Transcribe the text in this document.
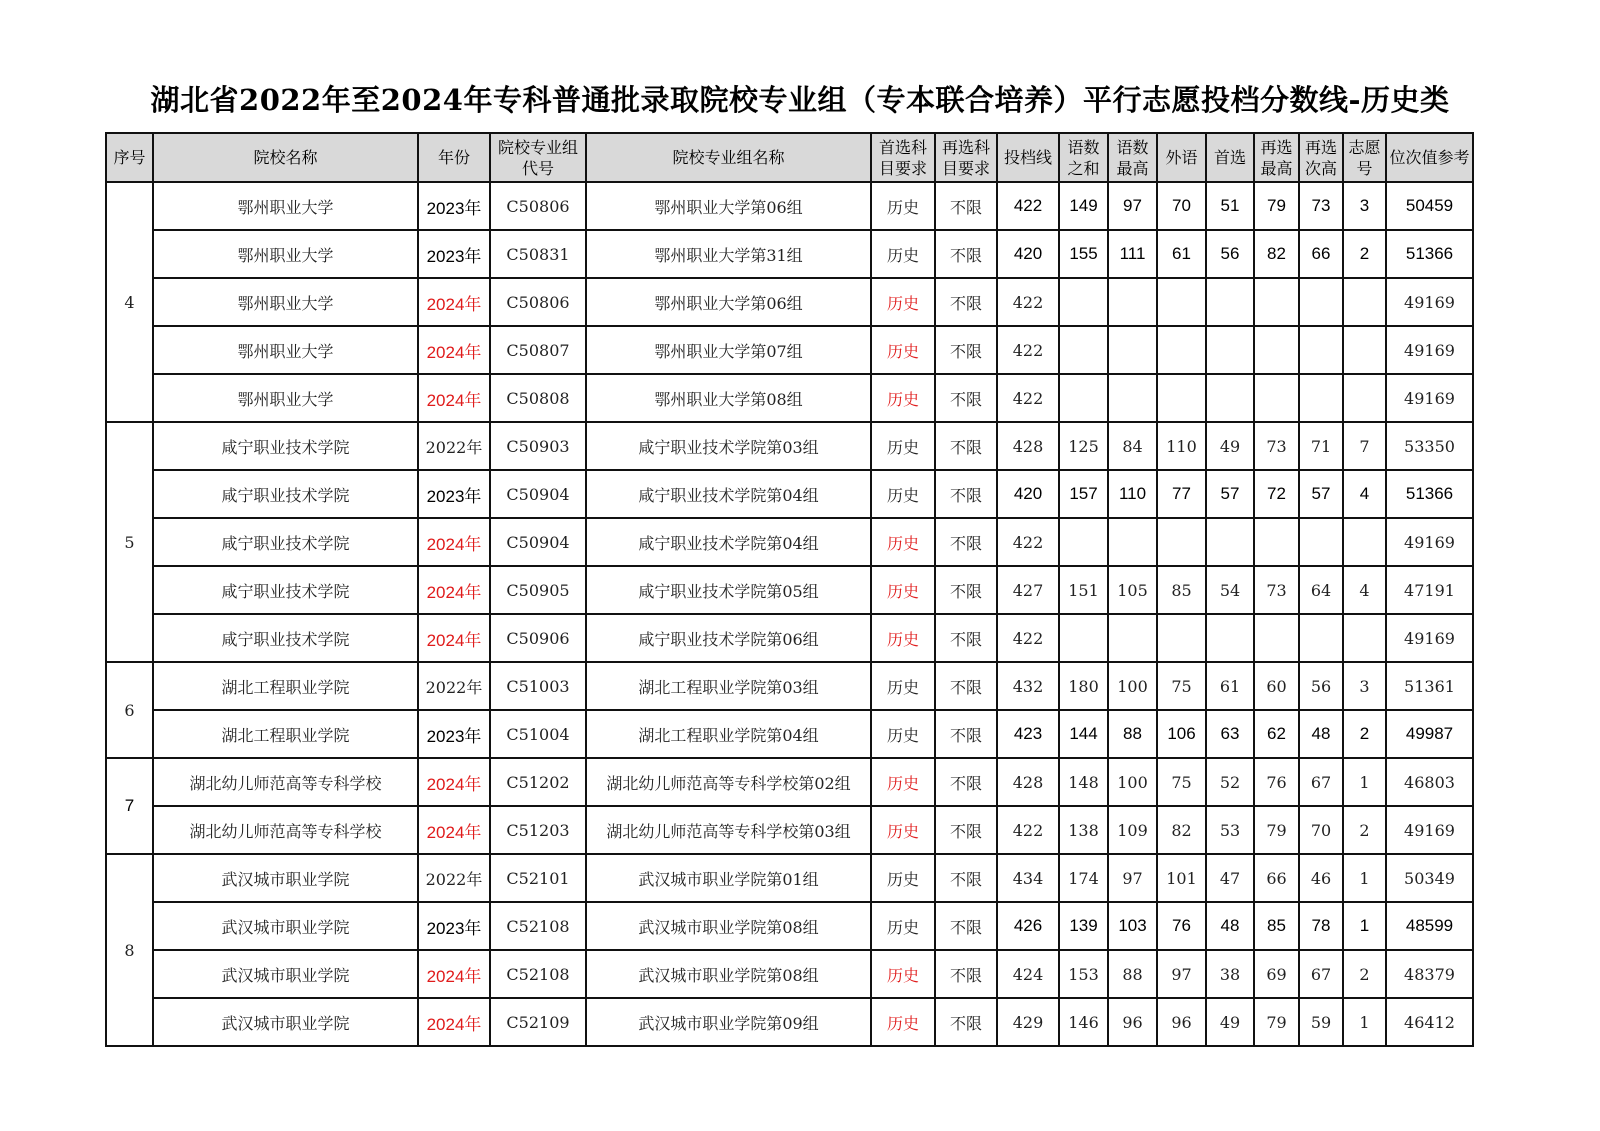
湖北省2022年至2024年专科普通批录取院校专业组（专本联合培养）平行志愿投档分数线-历史类
序号	院校名称	年份	院校专业组代号	院校专业组名称	首选科目要求	再选科目要求	投档线	语数之和	语数最高	外语	首选	再选最高	再选次高	志愿号	位次值参考
4	鄂州职业大学	2023年	C50806	鄂州职业大学第06组	历史	不限	422	149	97	70	51	79	73	3	50459
	鄂州职业大学	2023年	C50831	鄂州职业大学第31组	历史	不限	420	155	111	61	56	82	66	2	51366
	鄂州职业大学	2024年	C50806	鄂州职业大学第06组	历史	不限	422								49169
	鄂州职业大学	2024年	C50807	鄂州职业大学第07组	历史	不限	422								49169
	鄂州职业大学	2024年	C50808	鄂州职业大学第08组	历史	不限	422								49169
5	咸宁职业技术学院	2022年	C50903	咸宁职业技术学院第03组	历史	不限	428	125	84	110	49	73	71	7	53350
	咸宁职业技术学院	2023年	C50904	咸宁职业技术学院第04组	历史	不限	420	157	110	77	57	72	57	4	51366
	咸宁职业技术学院	2024年	C50904	咸宁职业技术学院第04组	历史	不限	422								49169
	咸宁职业技术学院	2024年	C50905	咸宁职业技术学院第05组	历史	不限	427	151	105	85	54	73	64	4	47191
	咸宁职业技术学院	2024年	C50906	咸宁职业技术学院第06组	历史	不限	422								49169
6	湖北工程职业学院	2022年	C51003	湖北工程职业学院第03组	历史	不限	432	180	100	75	61	60	56	3	51361
	湖北工程职业学院	2023年	C51004	湖北工程职业学院第04组	历史	不限	423	144	88	106	63	62	48	2	49987
7	湖北幼儿师范高等专科学校	2024年	C51202	湖北幼儿师范高等专科学校第02组	历史	不限	428	148	100	75	52	76	67	1	46803
	湖北幼儿师范高等专科学校	2024年	C51203	湖北幼儿师范高等专科学校第03组	历史	不限	422	138	109	82	53	79	70	2	49169
8	武汉城市职业学院	2022年	C52101	武汉城市职业学院第01组	历史	不限	434	174	97	101	47	66	46	1	50349
	武汉城市职业学院	2023年	C52108	武汉城市职业学院第08组	历史	不限	426	139	103	76	48	85	78	1	48599
	武汉城市职业学院	2024年	C52108	武汉城市职业学院第08组	历史	不限	424	153	88	97	38	69	67	2	48379
	武汉城市职业学院	2024年	C52109	武汉城市职业学院第09组	历史	不限	429	146	96	96	49	79	59	1	46412
